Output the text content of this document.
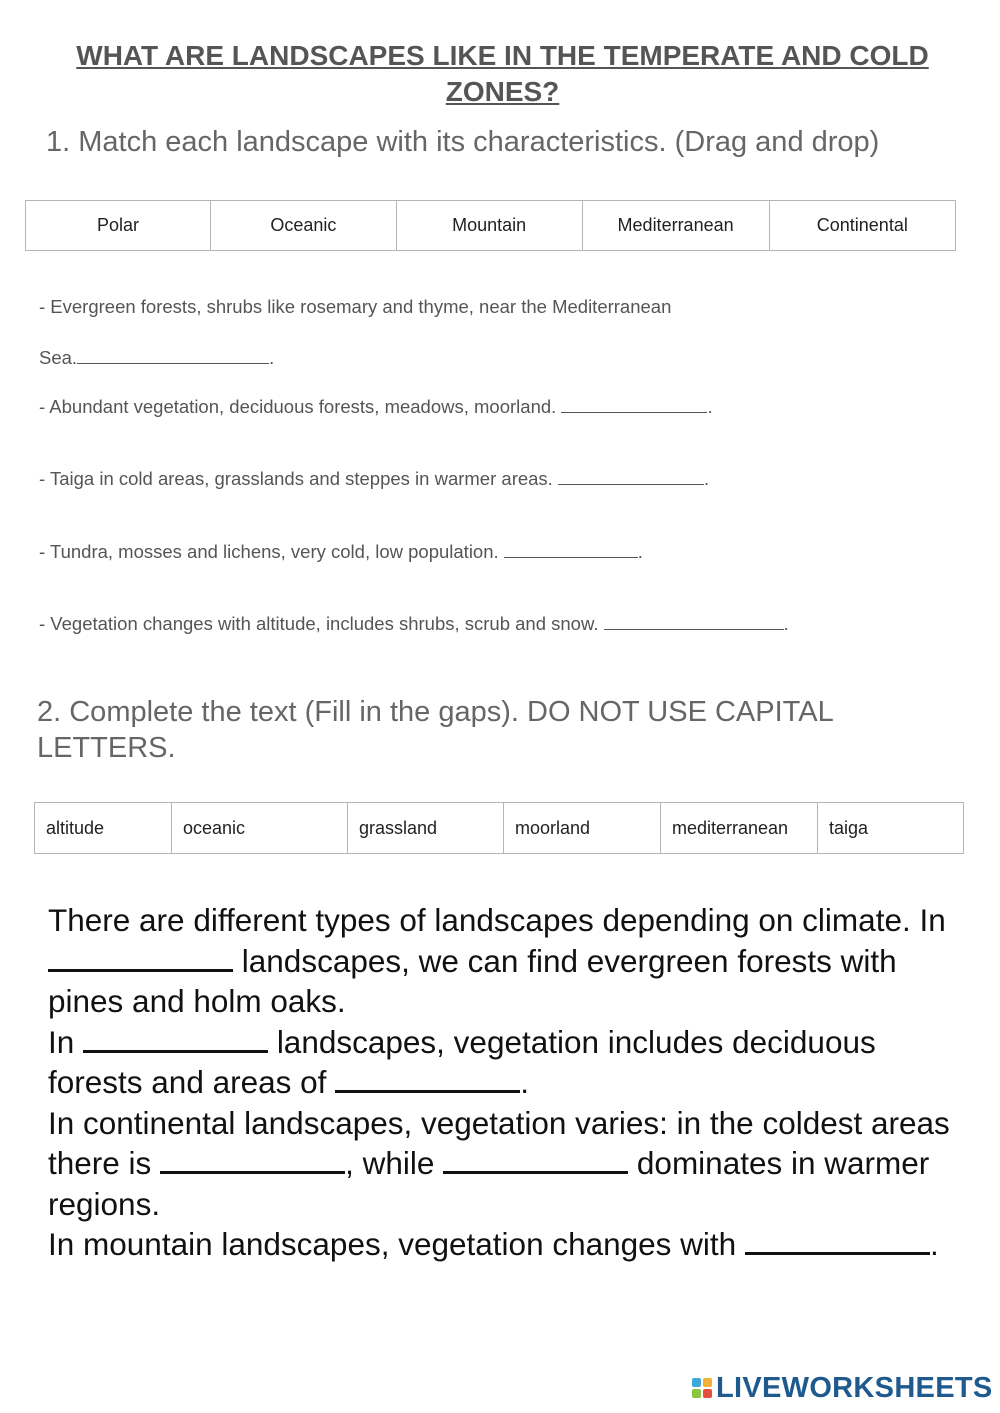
WHAT ARE LANDSCAPES LIKE IN THE TEMPERATE AND COLD ZONES?

1. Match each landscape with its characteristics. (Drag and drop)

Polar	Oceanic	Mountain	Mediterranean	Continental

- Evergreen forests, shrubs like rosemary and thyme, near the Mediterranean

Sea.	.

- Abundant vegetation, deciduous forests, meadows, moorland.	.

- Taiga in cold areas, grasslands and steppes in warmer areas.	.

- Tundra, mosses and lichens, very cold, low population.	.

- Vegetation changes with altitude, includes shrubs, scrub and snow.	.

2. Complete the text (Fill in the gaps). DO NOT USE CAPITAL LETTERS.

altitude	oceanic	grassland	moorland	mediterranean	taiga

There are different types of landscapes depending on climate. In  landscapes, we can find evergreen forests with pines and holm oaks.
In	landscapes, vegetation includes deciduous forests and areas of	.
In continental landscapes, vegetation varies: in the coldest areas there is	, while	dominates in warmer regions.
In mountain landscapes, vegetation changes with	.

LIVEWORKSHEETS
